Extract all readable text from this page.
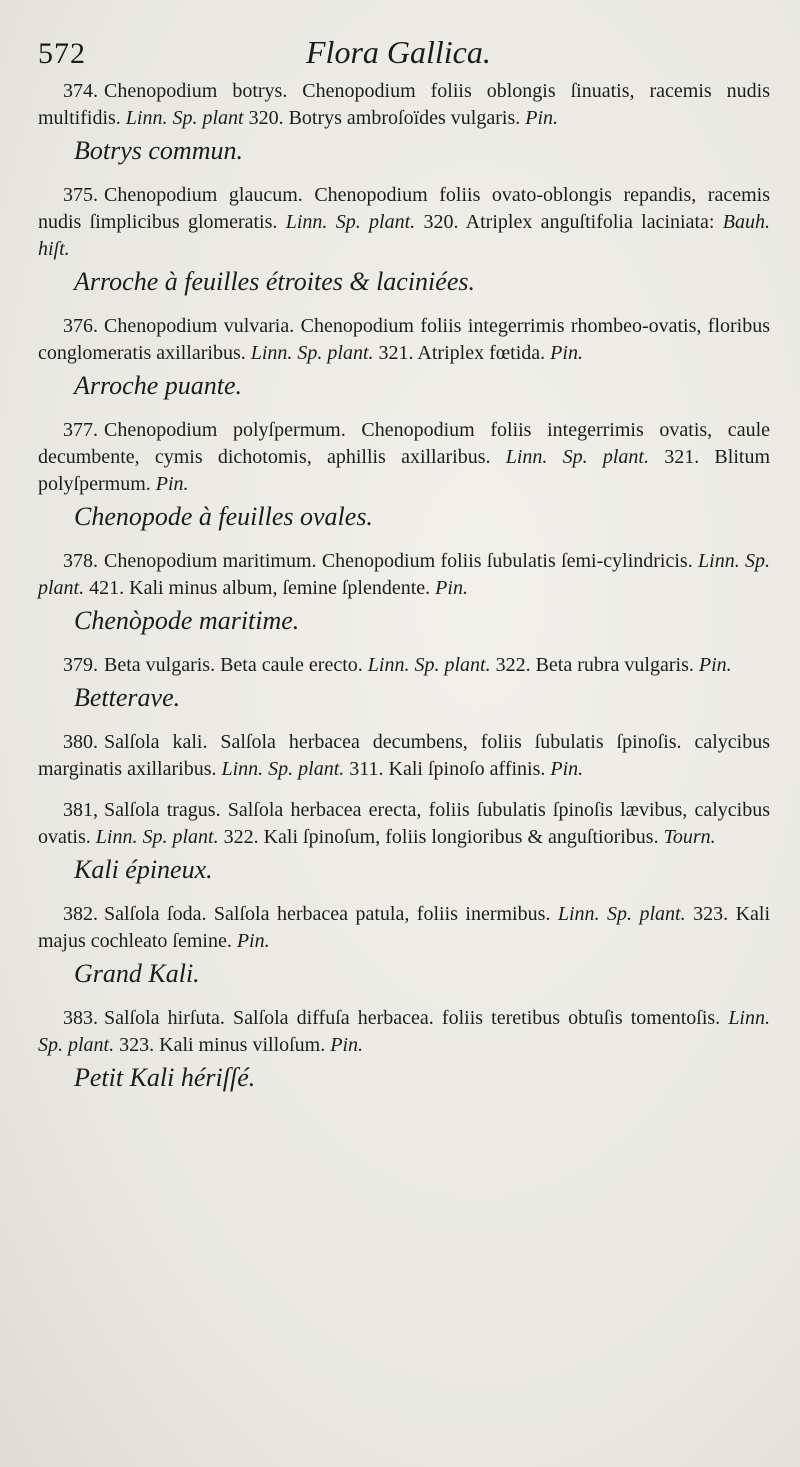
572	Flora Gallica.
374. Chenopodium botrys. Chenopodium foliis oblongis ſinuatis, racemis nudis multifidis. Linn. Sp. plant 320. Botrys ambroſoïdes vulgaris. Pin.
Botrys commun.
375. Chenopodium glaucum. Chenopodium foliis ovato-oblongis repandis, racemis nudis ſimplicibus glomeratis. Linn. Sp. plant. 320. Atriplex anguſtifolia laciniata: Bauh. hiſt.
Arroche à feuilles étroites & laciniées.
376. Chenopodium vulvaria. Chenopodium foliis integerrimis rhombeo-ovatis, floribus conglomeratis axillaribus. Linn. Sp. plant. 321. Atriplex fœtida. Pin.
Arroche puante.
377. Chenopodium polyſpermum. Chenopodium foliis integerrimis ovatis, caule decumbente, cymis dichotomis, aphillis axillaribus. Linn. Sp. plant. 321. Blitum polyſpermum. Pin.
Chenopode à feuilles ovales.
378. Chenopodium maritimum. Chenopodium foliis ſubulatis ſemi-cylindricis. Linn. Sp. plant. 421. Kali minus album, ſemine ſplendente. Pin.
Chenòpode maritime.
379. Beta vulgaris. Beta caule erecto. Linn. Sp. plant. 322. Beta rubra vulgaris. Pin.
Betterave.
380. Salſola kali. Salſola herbacea decumbens, foliis ſubulatis ſpinoſis. calycibus marginatis axillaribus. Linn. Sp. plant. 311. Kali ſpinoſo affinis. Pin.
381, Salſola tragus. Salſola herbacea erecta, foliis ſubulatis ſpinoſis lævibus, calycibus ovatis. Linn. Sp. plant. 322. Kali ſpinoſum, foliis longioribus & anguſtioribus. Tourn.
Kali épineux.
382. Salſola ſoda. Salſola herbacea patula, foliis inermibus. Linn. Sp. plant. 323. Kali majus cochleato ſemine. Pin.
Grand Kali.
383. Salſola hirſuta. Salſola diffuſa herbacea. foliis teretibus obtuſis tomentoſis. Linn. Sp. plant. 323. Kali minus villoſum. Pin.
Petit Kali hériſſé.
